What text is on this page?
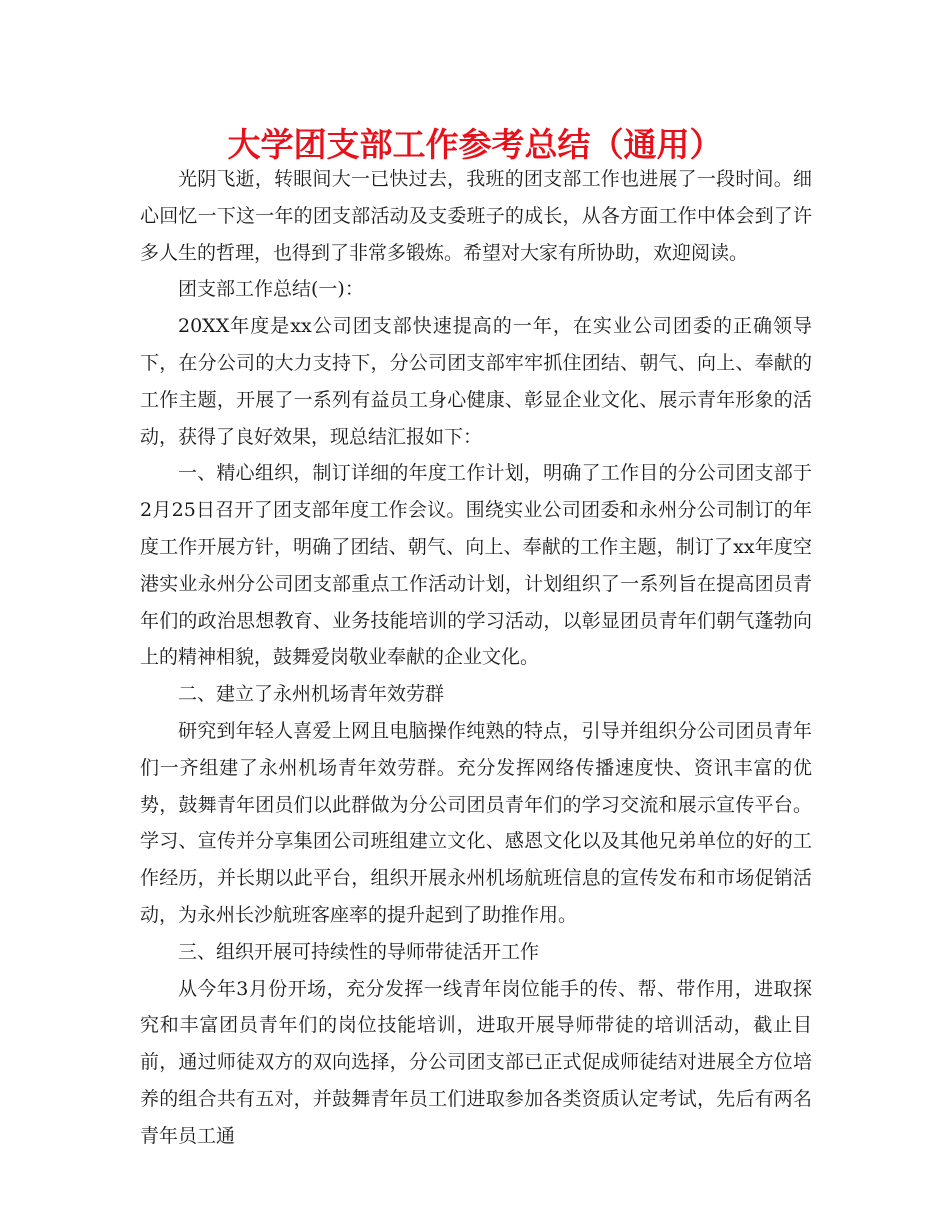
大学团支部工作参考总结（通用）

光阴飞逝，转眼间大一已快过去，我班的团支部工作也进展了一段时间。细心回忆一下这一年的团支部活动及支委班子的成长，从各方面工作中体会到了许多人生的哲理，也得到了非常多锻炼。希望对大家有所协助，欢迎阅读。

团支部工作总结(一)：

20XX年度是xx公司团支部快速提高的一年，在实业公司团委的正确领导下，在分公司的大力支持下，分公司团支部牢牢抓住团结、朝气、向上、奉献的工作主题，开展了一系列有益员工身心健康、彰显企业文化、展示青年形象的活动，获得了良好效果，现总结汇报如下：

一、精心组织，制订详细的年度工作计划，明确了工作目的分公司团支部于2月25日召开了团支部年度工作会议。围绕实业公司团委和永州分公司制订的年度工作开展方针，明确了团结、朝气、向上、奉献的工作主题，制订了xx年度空港实业永州分公司团支部重点工作活动计划，计划组织了一系列旨在提高团员青年们的政治思想教育、业务技能培训的学习活动，以彰显团员青年们朝气蓬勃向上的精神相貌，鼓舞爱岗敬业奉献的企业文化。

二、建立了永州机场青年效劳群

研究到年轻人喜爱上网且电脑操作纯熟的特点，引导并组织分公司团员青年们一齐组建了永州机场青年效劳群。充分发挥网络传播速度快、资讯丰富的优势，鼓舞青年团员们以此群做为分公司团员青年们的学习交流和展示宣传平台。学习、宣传并分享集团公司班组建立文化、感恩文化以及其他兄弟单位的好的工作经历，并长期以此平台，组织开展永州机场航班信息的宣传发布和市场促销活动，为永州长沙航班客座率的提升起到了助推作用。

三、组织开展可持续性的导师带徒活开工作

从今年3月份开场，充分发挥一线青年岗位能手的传、帮、带作用，进取探究和丰富团员青年们的岗位技能培训，进取开展导师带徒的培训活动，截止目前，通过师徒双方的双向选择，分公司团支部已正式促成师徒结对进展全方位培养的组合共有五对，并鼓舞青年员工们进取参加各类资质认定考试，先后有两名青年员工通
